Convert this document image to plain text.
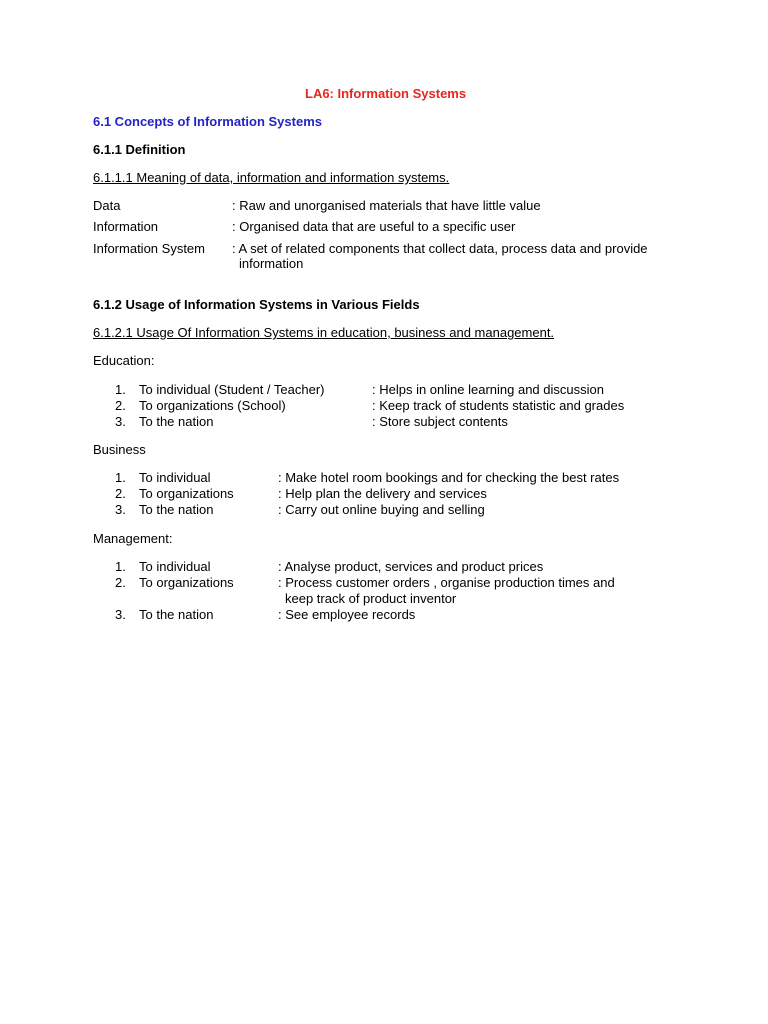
LA6: Information Systems
6.1 Concepts of Information Systems
6.1.1 Definition
6.1.1.1 Meaning of data, information and information systems.
Data	: Raw and unorganised materials that have little value
Information	: Organised data that are useful to a specific user
Information System : A set of related components that collect data, process data and provide
information
6.1.2 Usage of Information Systems in Various Fields
6.1.2.1 Usage Of Information Systems in education, business and management.
Education:
1. To individual (Student / Teacher)	: Helps in online learning and discussion
2. To organizations (School)	: Keep track of students statistic and grades
3. To the nation	: Store subject contents
Business
1. To individual	: Make hotel room bookings and for checking the best rates
2. To organizations	: Help plan the delivery and services
3. To the nation	: Carry out online buying and selling
Management:
1. To individual	: Analyse product, services and product prices
2. To organizations	: Process customer orders , organise production times and
keep track of product inventor
3. To the nation	: See employee records
